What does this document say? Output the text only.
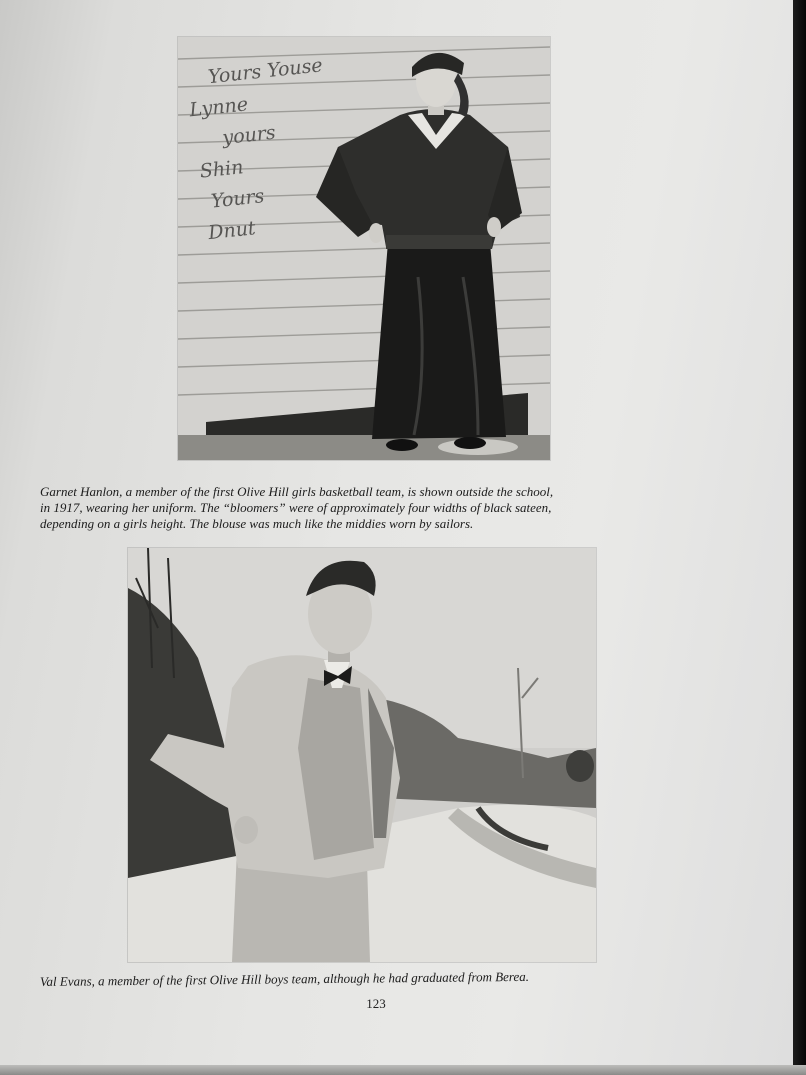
Yours Youse
Lynne
yours
Shin
Yours
Dnut
Garnet Hanlon, a member of the first Olive Hill girls basketball team, is shown outside the school,
in 1917, wearing her uniform. The “bloomers” were of approximately four widths of black sateen,
depending on a girls height. The blouse was much like the middies worn by sailors.
Val Evans, a member of the first Olive Hill boys team, although he had graduated from Berea.
123
